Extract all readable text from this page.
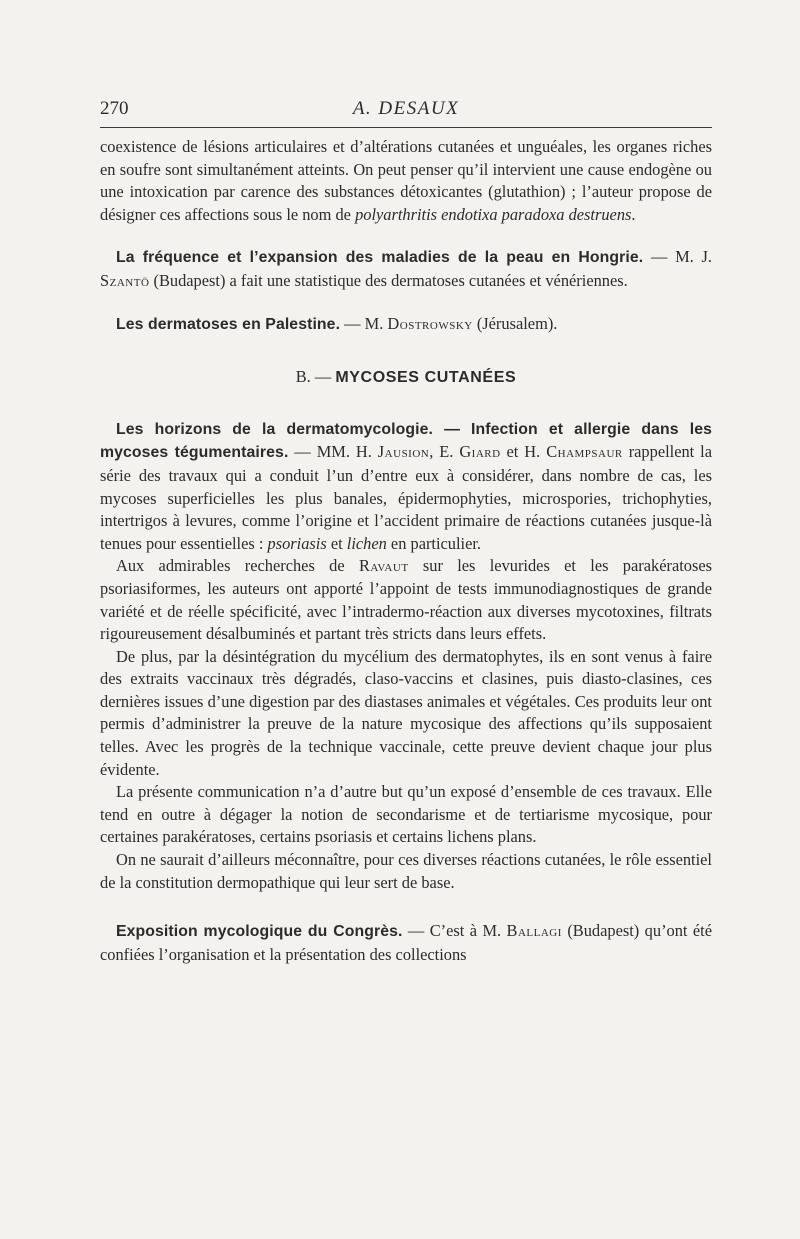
270	A. DESAUX

coexistence de lésions articulaires et d’altérations cutanées et unguéales, les organes riches en soufre sont simultanément atteints. On peut penser qu’il intervient une cause endogène ou une intoxication par carence des substances détoxicantes (glutathion) ; l’auteur propose de désigner ces affections sous le nom de polyarthritis endotixa paradoxa destruens.

La fréquence et l’expansion des maladies de la peau en Hongrie. — M. J. Szantö (Budapest) a fait une statistique des dermatoses cutanées et vénériennes.

Les dermatoses en Palestine. — M. Dostrowsky (Jérusalem).

B. — MYCOSES CUTANÉES

Les horizons de la dermatomycologie. — Infection et allergie dans les mycoses tégumentaires. — MM. H. Jausion, E. Giard et H. Champsaur rappellent la série des travaux qui a conduit l’un d’entre eux à considérer, dans nombre de cas, les mycoses superficielles les plus banales, épidermophyties, microspories, trichophyties, intertrigos à levures, comme l’origine et l’accident primaire de réactions cutanées jusque-là tenues pour essentielles : psoriasis et lichen en particulier.

Aux admirables recherches de Ravaut sur les levurides et les parakératoses psoriasiformes, les auteurs ont apporté l’appoint de tests immunodiagnostiques de grande variété et de réelle spécificité, avec l’intradermo-réaction aux diverses mycotoxines, filtrats rigoureusement désalbuminés et partant très stricts dans leurs effets.

De plus, par la désintégration du mycélium des dermatophytes, ils en sont venus à faire des extraits vaccinaux très dégradés, claso-vaccins et clasines, puis diasto-clasines, ces dernières issues d’une digestion par des diastases animales et végétales. Ces produits leur ont permis d’administrer la preuve de la nature mycosique des affections qu’ils supposaient telles. Avec les progrès de la technique vaccinale, cette preuve devient chaque jour plus évidente.

La présente communication n’a d’autre but qu’un exposé d’ensemble de ces travaux. Elle tend en outre à dégager la notion de secondarisme et de tertiarisme mycosique, pour certaines parakératoses, certains psoriasis et certains lichens plans.

On ne saurait d’ailleurs méconnaître, pour ces diverses réactions cutanées, le rôle essentiel de la constitution dermopathique qui leur sert de base.

Exposition mycologique du Congrès. — C’est à M. Ballagi (Budapest) qu’ont été confiées l’organisation et la présentation des collections
